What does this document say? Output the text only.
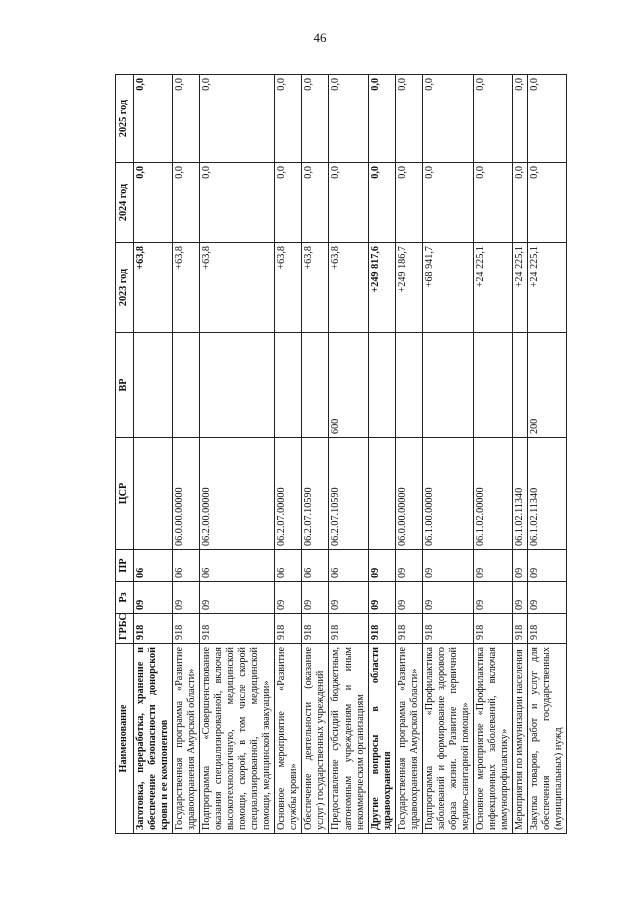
46
Наименование	ГРБС	Рз	ПР	ЦСР	ВР	2023 год	2024 год	2025 год
Заготовка, переработка, хранение и обеспечение безопасности донорской крови и ее компонентов	918	09	06			+63,8	0,0	0,0
Государственная программа «Развитие здравоохранения Амурской области»	918	09	06	06.0.00.00000		+63,8	0,0	0,0
Подпрограмма «Совершенствование оказания специализированной, включая высокотехнологичную, медицинской помощи, скорой, в том числе скорой специализированной, медицинской помощи, медицинской эвакуации»	918	09	06	06.2.00.00000		+63,8	0,0	0,0
Основное мероприятие «Развитие службы крови»	918	09	06	06.2.07.00000		+63,8	0,0	0,0
Обеспечение деятельности (оказание услуг) государственных учреждений	918	09	06	06.2.07.10590		+63,8	0,0	0,0
Предоставление субсидий бюджетным, автономным учреждениям и иным некоммерческим организациям	918	09	06	06.2.07.10590	600	+63,8	0,0	0,0
Другие вопросы в области здравоохранения	918	09	09			+249 817,6	0,0	0,0
Государственная программа «Развитие здравоохранения Амурской области»	918	09	09	06.0.00.00000		+249 186,7	0,0	0,0
Подпрограмма «Профилактика заболеваний и формирование здорового образа жизни. Развитие первичной медико-санитарной помощи»	918	09	09	06.1.00.00000		+68 941,7	0,0	0,0
Основное мероприятие «Профилактика инфекционных заболеваний, включая иммунопрофилактику»	918	09	09	06.1.02.00000		+24 225,1	0,0	0,0
Мероприятия по иммунизации населения	918	09	09	06.1.02.11340		+24 225,1	0,0	0,0
Закупка товаров, работ и услуг для обеспечения государственных (муниципальных) нужд	918	09	09	06.1.02.11340	200	+24 225,1	0,0	0,0
